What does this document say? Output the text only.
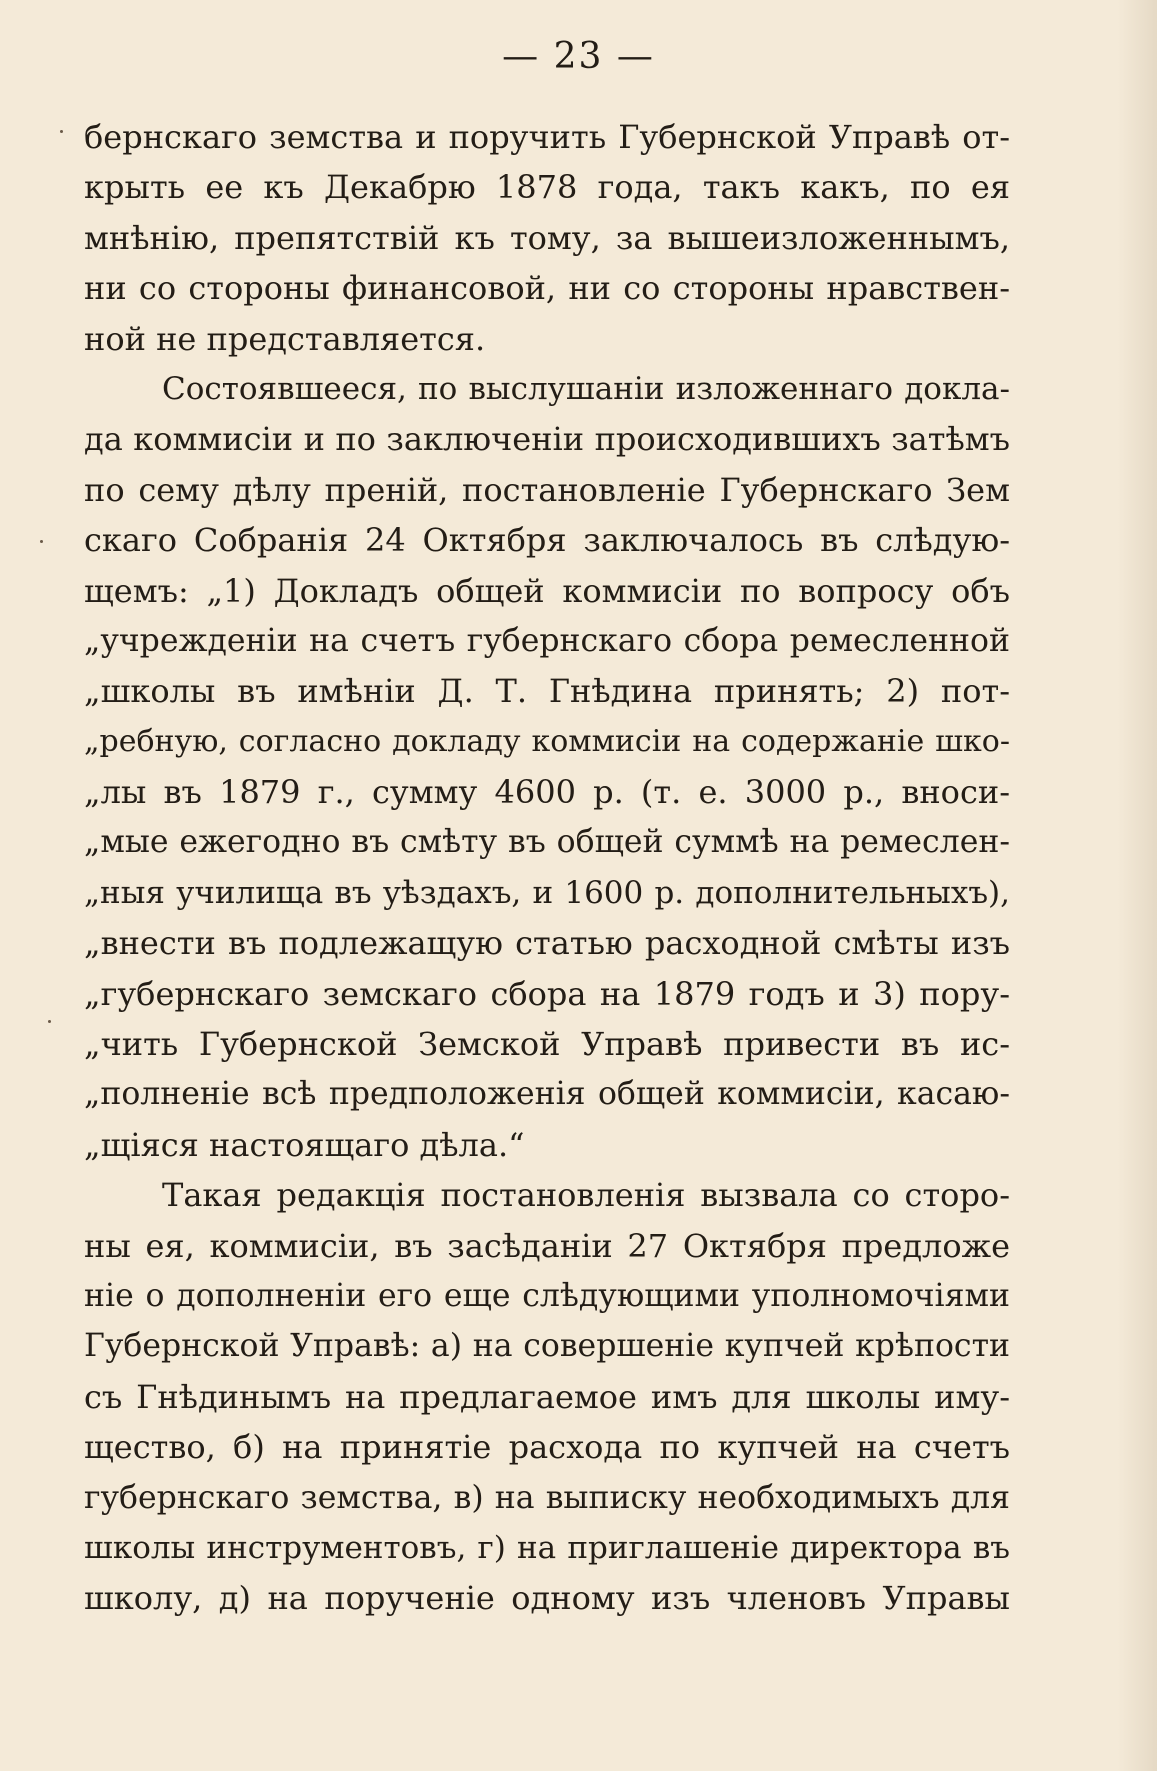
— 23 —
бернскаго земства и поручить Губернской Управѣ от-
крыть ее къ Декабрю 1878 года, такъ какъ, по ея
мнѣнію, препятствій къ тому, за вышеизложеннымъ,
ни со стороны финансовой, ни со стороны нравствен-
ной не представляется.
Состоявшееся, по выслушаніи изложеннаго докла-
да коммисіи и по заключеніи происходившихъ затѣмъ
по сему дѣлу преній, постановленіе Губернскаго Зем
скаго Собранія 24 Октября заключалось въ слѣдую-
щемъ: „1) Докладъ общей коммисіи по вопросу объ
„учрежденіи на счетъ губернскаго сбора ремесленной
„школы въ имѣніи Д. Т. Гнѣдина принять; 2) пот-
„ребную, согласно докладу коммисіи на содержаніе шко-
„лы въ 1879 г., сумму 4600 р. (т. е. 3000 р., вноси-
„мые ежегодно въ смѣту въ общей суммѣ на ремеслен-
„ныя училища въ уѣздахъ, и 1600 р. дополнительныхъ),
„внести въ подлежащую статью расходной смѣты изъ
„губернскаго земскаго сбора на 1879 годъ и 3) пору-
„чить Губернской Земской Управѣ привести въ ис-
„полненіе всѣ предположенія общей коммисіи, касаю-
„щіяся настоящаго дѣла.“
Такая редакція постановленія вызвала со сторо-
ны ея, коммисіи, въ засѣданіи 27 Октября предложе
ніе о дополненіи его еще слѣдующими уполномочіями
Губернской Управѣ: а) на совершеніе купчей крѣпости
съ Гнѣдинымъ на предлагаемое имъ для школы иму-
щество, б) на принятіе расхода по купчей на счетъ
губернскаго земства, в) на выписку необходимыхъ для
школы инструментовъ, г) на приглашеніе директора въ
школу, д) на порученіе одному изъ членовъ Управы
